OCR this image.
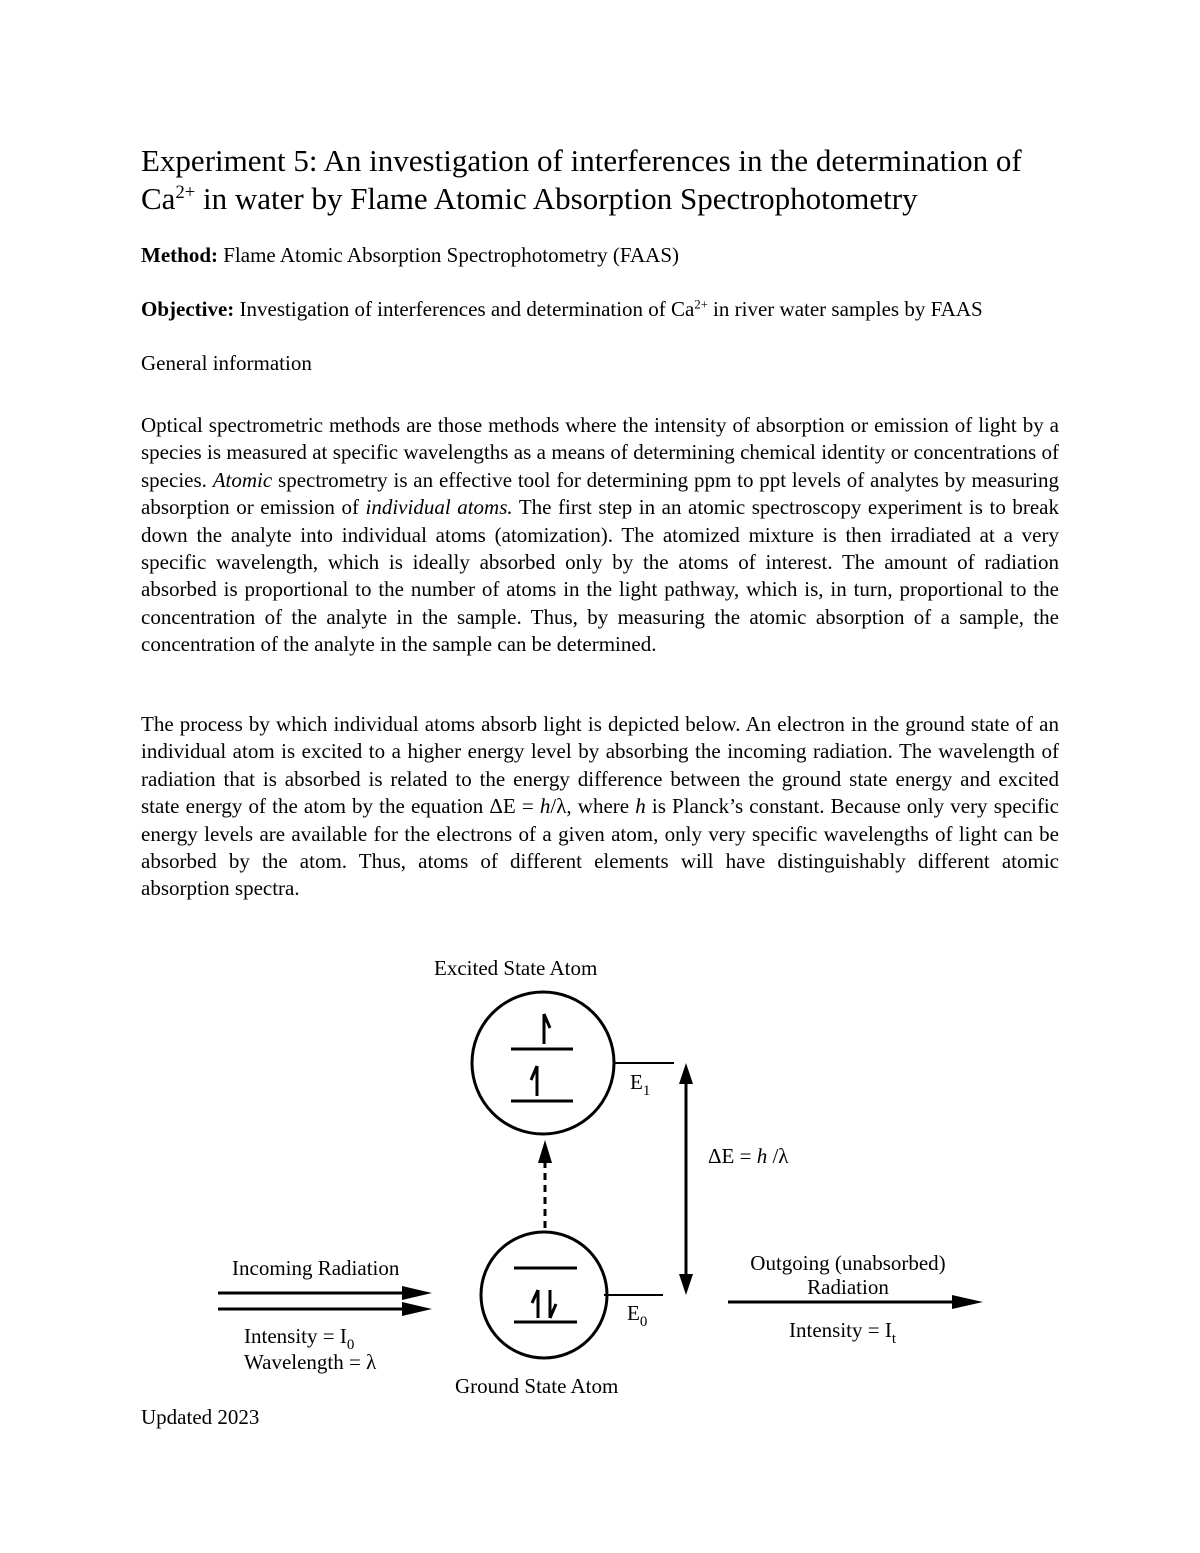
Experiment 5: An investigation of interferences in the determination of
$Ca^{2+}$ in water by Flame Atomic Absorption Spectrophotometry

Method: Flame Atomic Absorption Spectrophotometry (FAAS)

Objective: Investigation of interferences and determination of $Ca^{2+}$ in river water samples by FAAS

General information

Optical spectrometric methods are those methods where the intensity of absorption or emission of light by a species is measured at specific wavelengths as a means of determining chemical identity or concentrations of species. Atomic spectrometry is an effective tool for determining ppm to ppt levels of analytes by measuring absorption or emission of individual atoms. The first step in an atomic spectroscopy experiment is to break down the analyte into individual atoms (atomization). The atomized mixture is then irradiated at a very specific wavelength, which is ideally absorbed only by the atoms of interest. The amount of radiation absorbed is proportional to the number of atoms in the light pathway, which is, in turn, proportional to the concentration of the analyte in the sample. Thus, by measuring the atomic absorption of a sample, the concentration of the analyte in the sample can be determined.

The process by which individual atoms absorb light is depicted below. An electron in the ground state of an individual atom is excited to a higher energy level by absorbing the incoming radiation. The wavelength of radiation that is absorbed is related to the energy difference between the ground state energy and excited state energy of the atom by the equation ΔE = h/λ, where h is Planck’s constant. Because only very specific energy levels are available for the electrons of a given atom, only very specific wavelengths of light can be absorbed by the atom. Thus, atoms of different elements will have distinguishably different atomic absorption spectra.

Excited State Atom
$E_1$
ΔE = h /λ
$E_0$
Ground State Atom
Incoming Radiation
Intensity = $I_0$
Wavelength = λ
Outgoing (unabsorbed)
Radiation
Intensity = $I_t$

Updated 2023
